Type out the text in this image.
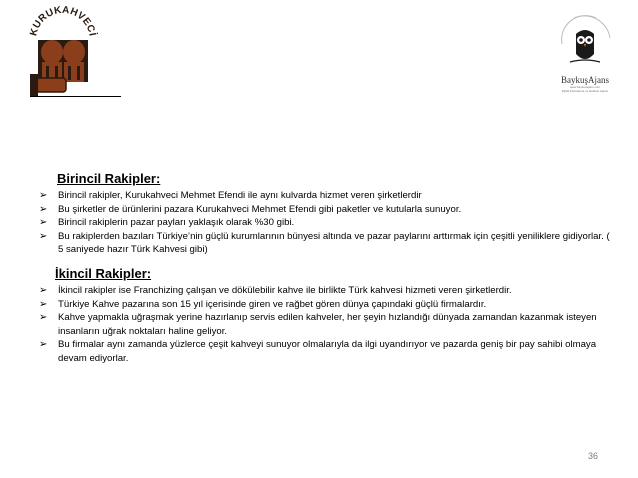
KURUKAHVECİ
BaykuşAjans
www.baykusajans.com
Dijital Pazarlama ve Reklam Ajansı
Birincil Rakipler:
➢ Birincil rakipler, Kurukahveci Mehmet Efendi ile aynı kulvarda hizmet veren şirketlerdir
➢ Bu şirketler de ürünlerini pazara Kurukahveci Mehmet Efendi gibi paketler ve kutularla sunuyor.
➢ Birincil rakiplerin pazar payları yaklaşık olarak %30 gibi.
➢ Bu rakiplerden bazıları Türkiye’nin güçlü kurumlarının bünyesi altında ve pazar paylarını arttırmak için çeşitli yeniliklere gidiyorlar. ( 5 saniyede hazır Türk Kahvesi gibi)
İkincil Rakipler:
➢ İkincil rakipler ise Franchizing çalışan ve dökülebilir kahve ile birlikte Türk kahvesi hizmeti veren şirketlerdir.
➢ Türkiye Kahve pazarına son 15 yıl içerisinde giren ve rağbet gören dünya çapındaki güçlü firmalardır.
➢ Kahve yapmakla uğraşmak yerine hazırlanıp servis edilen kahveler, her şeyin hızlandığı dünyada zamandan kazanmak isteyen insanların uğrak noktaları haline geliyor.
➢ Bu firmalar aynı zamanda yüzlerce çeşit kahveyi sunuyor olmalarıyla da ilgi uyandırıyor ve pazarda geniş bir pay sahibi olmaya devam ediyorlar.
36
